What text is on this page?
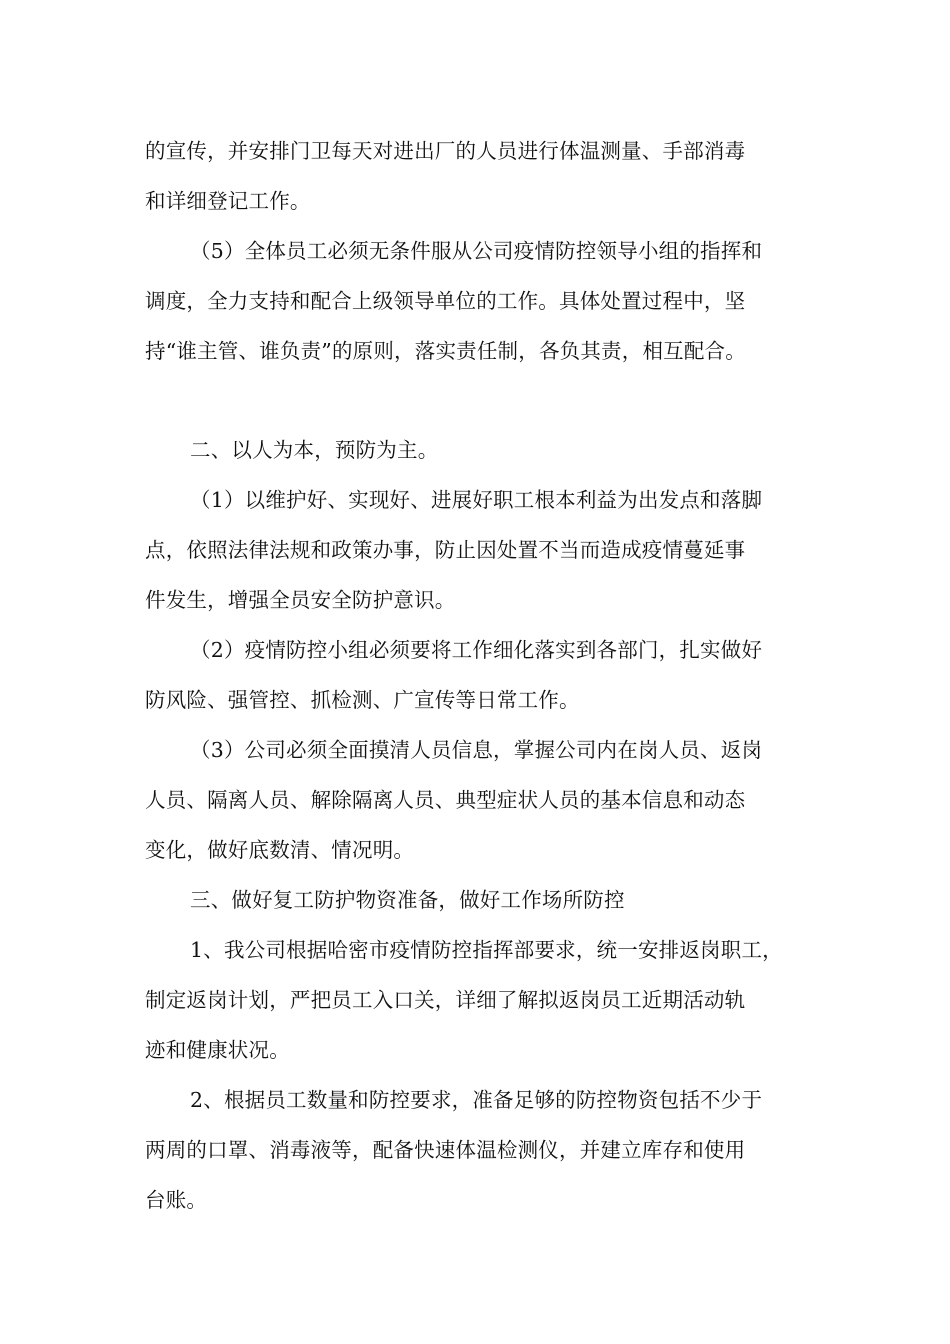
的宣传，并安排门卫每天对进出厂的人员进行体温测量、手部消毒
和详细登记工作。
（5）全体员工必须无条件服从公司疫情防控领导小组的指挥和
调度，全力支持和配合上级领导单位的工作。具体处置过程中，坚
持“谁主管、谁负责”的原则，落实责任制，各负其责，相互配合。
二、以人为本，预防为主。
（1）以维护好、实现好、进展好职工根本利益为出发点和落脚
点，依照法律法规和政策办事，防止因处置不当而造成疫情蔓延事
件发生，增强全员安全防护意识。
（2）疫情防控小组必须要将工作细化落实到各部门，扎实做好
防风险、强管控、抓检测、广宣传等日常工作。
（3）公司必须全面摸清人员信息，掌握公司内在岗人员、返岗
人员、隔离人员、解除隔离人员、典型症状人员的基本信息和动态
变化，做好底数清、情况明。
三、做好复工防护物资准备，做好工作场所防控
1、我公司根据哈密市疫情防控指挥部要求，统一安排返岗职工，
制定返岗计划，严把员工入口关，详细了解拟返岗员工近期活动轨
迹和健康状况。
2、根据员工数量和防控要求，准备足够的防控物资包括不少于
两周的口罩、消毒液等，配备快速体温检测仪，并建立库存和使用
台账。
